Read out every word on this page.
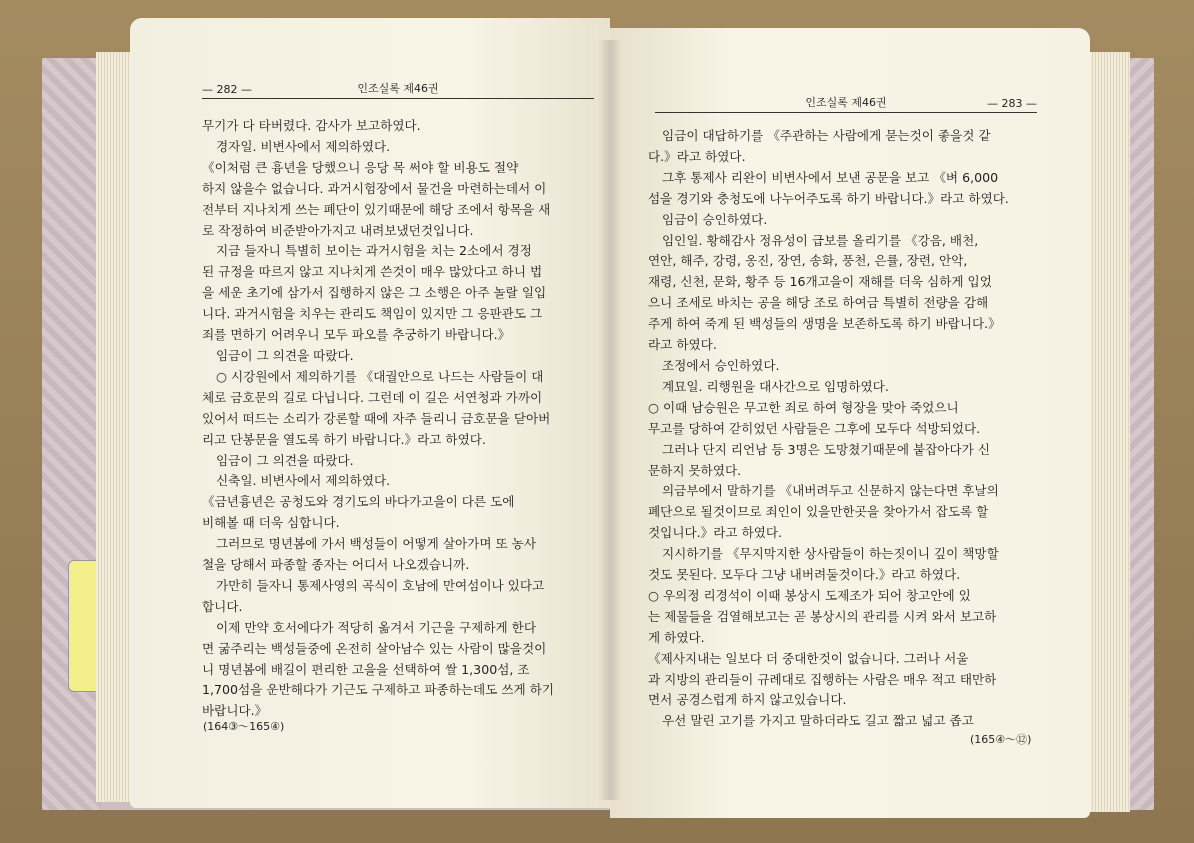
— 282 —	인조실록 제46권
인조실록 제46권	— 283 —

무기가 다 타버렸다. 감사가 보고하였다.

경자일. 비변사에서 제의하였다.

《이처럼 큰 흉년을 당했으니 응당 목 써야 할 비용도 절약

하지 않을수 없습니다. 과거시험장에서 물건을 마련하는데서 이

전부터 지나치게 쓰는 폐단이 있기때문에 해당 조에서 항목을 새

로 작정하여 비준받아가지고 내려보냈던것입니다.

지금 들자니 특별히 보이는 과거시험을 치는 2소에서 경정

된 규정을 따르지 않고 지나치게 쓴것이 매우 많았다고 하니 법

을 세운 초기에 삼가서 집행하지 않은 그 소행은 아주 놀랄 일입

니다. 과거시험을 치우는 관리도 책임이 있지만 그 응판관도 그

죄를 면하기 어려우니 모두 파오를 추궁하기 바랍니다.》

임금이 그 의견을 따랐다.

○ 시강원에서 제의하기를 《대궐안으로 나드는 사람들이 대

체로 금호문의 길로 다닙니다. 그런데 이 길은 서연청과 가까이

있어서 떠드는 소리가 강론할 때에 자주 들리니 금호문을 닫아버

리고 단봉문을 열도록 하기 바랍니다.》라고 하였다.

임금이 그 의견을 따랐다.

신축일. 비변사에서 제의하였다.

《금년흉년은 공청도와 경기도의 바다가고을이 다른 도에

비해볼 때 더욱 심합니다.

그러므로 명년봄에 가서 백성들이 어떻게 살아가며 또 농사

철을 당해서 파종할 종자는 어디서 나오겠습니까.

가만히 들자니 통제사영의 곡식이 호남에 만여섬이나 있다고

합니다.

이제 만약 호서에다가 적당히 옮겨서 기근을 구제하게 한다

면 굶주리는 백성들중에 온전히 살아남수 있는 사람이 많을것이

니 명년봄에 배길이 편리한 고을을 선택하여 쌀 1,300섬, 조

1,700섬을 운반해다가 기근도 구제하고 파종하는데도 쓰게 하기

바랍니다.》

임금이 대답하기를 《주관하는 사람에게 묻는것이 좋을것 같

다.》라고 하였다.

그후 통제사 리완이 비변사에서 보낸 공문을 보고 《벼 6,000

섬을 경기와 충청도에 나누어주도록 하기 바랍니다.》라고 하였다.

임금이 승인하였다.

임인일. 황해감사 정유성이 급보를 올리기를 《강음, 배천,

연안, 해주, 강령, 옹진, 장연, 송화, 풍천, 은률, 장련, 안악,

재령, 신천, 문화, 황주 등 16개고을이 재해를 더욱 심하게 입었

으니 조세로 바치는 공을 해당 조로 하여금 특별히 전량을 감해

주게 하여 죽게 된 백성들의 생명을 보존하도록 하기 바랍니다.》

라고 하였다.

조정에서 승인하였다.

계묘일. 리행원을 대사간으로 임명하였다.

○ 이때 남승원은 무고한 죄로 하여 형장을 맞아 죽었으니

무고를 당하여 갇히었던 사람들은 그후에 모두다 석방되었다.

그러나 단지 리언남 등 3명은 도망쳤기때문에 붙잡아다가 신

문하지 못하였다.

의금부에서 말하기를 《내버려두고 신문하지 않는다면 후날의

폐단으로 될것이므로 죄인이 있을만한곳을 찾아가서 잡도록 할

것입니다.》라고 하였다.

지시하기를 《무지막지한 상사람들이 하는짓이니 깊이 책망할

것도 못된다. 모두다 그냥 내버려둘것이다.》라고 하였다.

○ 우의정 리경석이 이때 봉상시 도제조가 되어 창고안에 있

는 제물들을 검열해보고는 곧 봉상시의 관리를 시켜 와서 보고하

게 하였다.

《제사지내는 일보다 더 중대한것이 없습니다. 그러나 서울

과 지방의 관리들이 규례대로 집행하는 사람은 매우 적고 태만하

면서 공경스럽게 하지 않고있습니다.

우선 말린 고기를 가지고 말하더라도 길고 짧고 넓고 좁고

(164③～165④)
(165④～⑫)
